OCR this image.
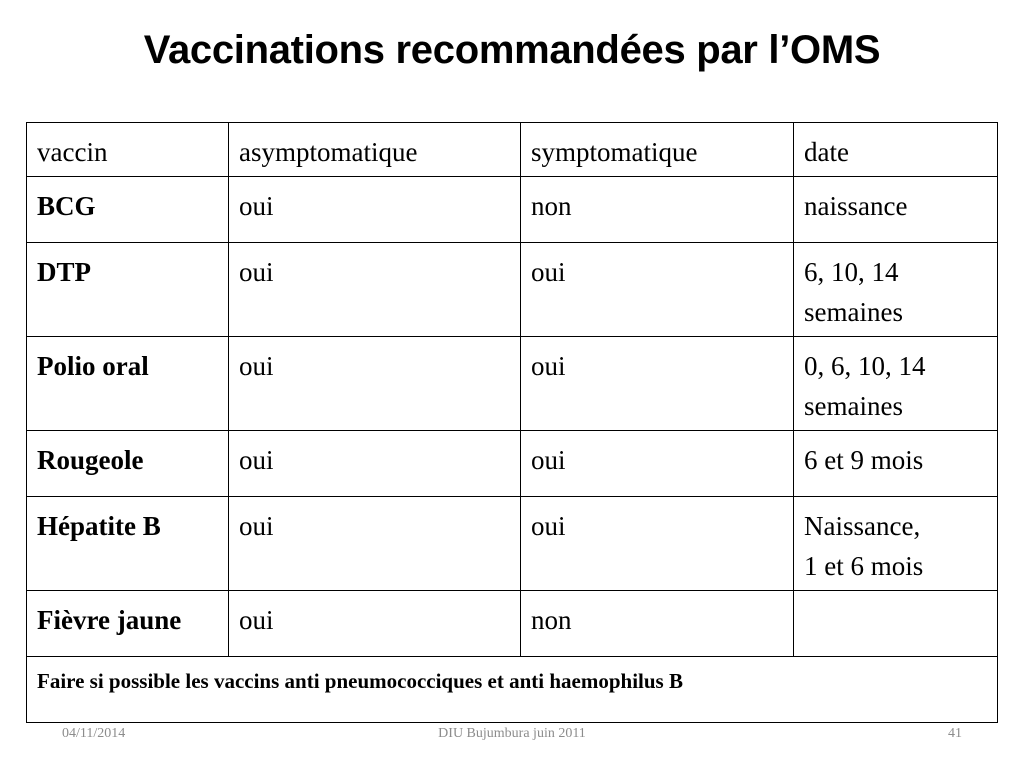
Vaccinations recommandées par l’OMS
vaccin	asymptomatique	symptomatique	date
BCG	oui	non	naissance

DTP	oui	oui	6, 10, 14
semaines

Polio oral	oui	oui	0, 6, 10, 14
semaines

Rougeole	oui	oui	6 et 9 mois

Hépatite B	oui	oui	Naissance,
1 et 6 mois

Fièvre jaune	oui	non	
Faire si possible les vaccins anti pneumococciques et anti haemophilus B			
04/11/2014	DIU Bujumbura juin 2011	41
